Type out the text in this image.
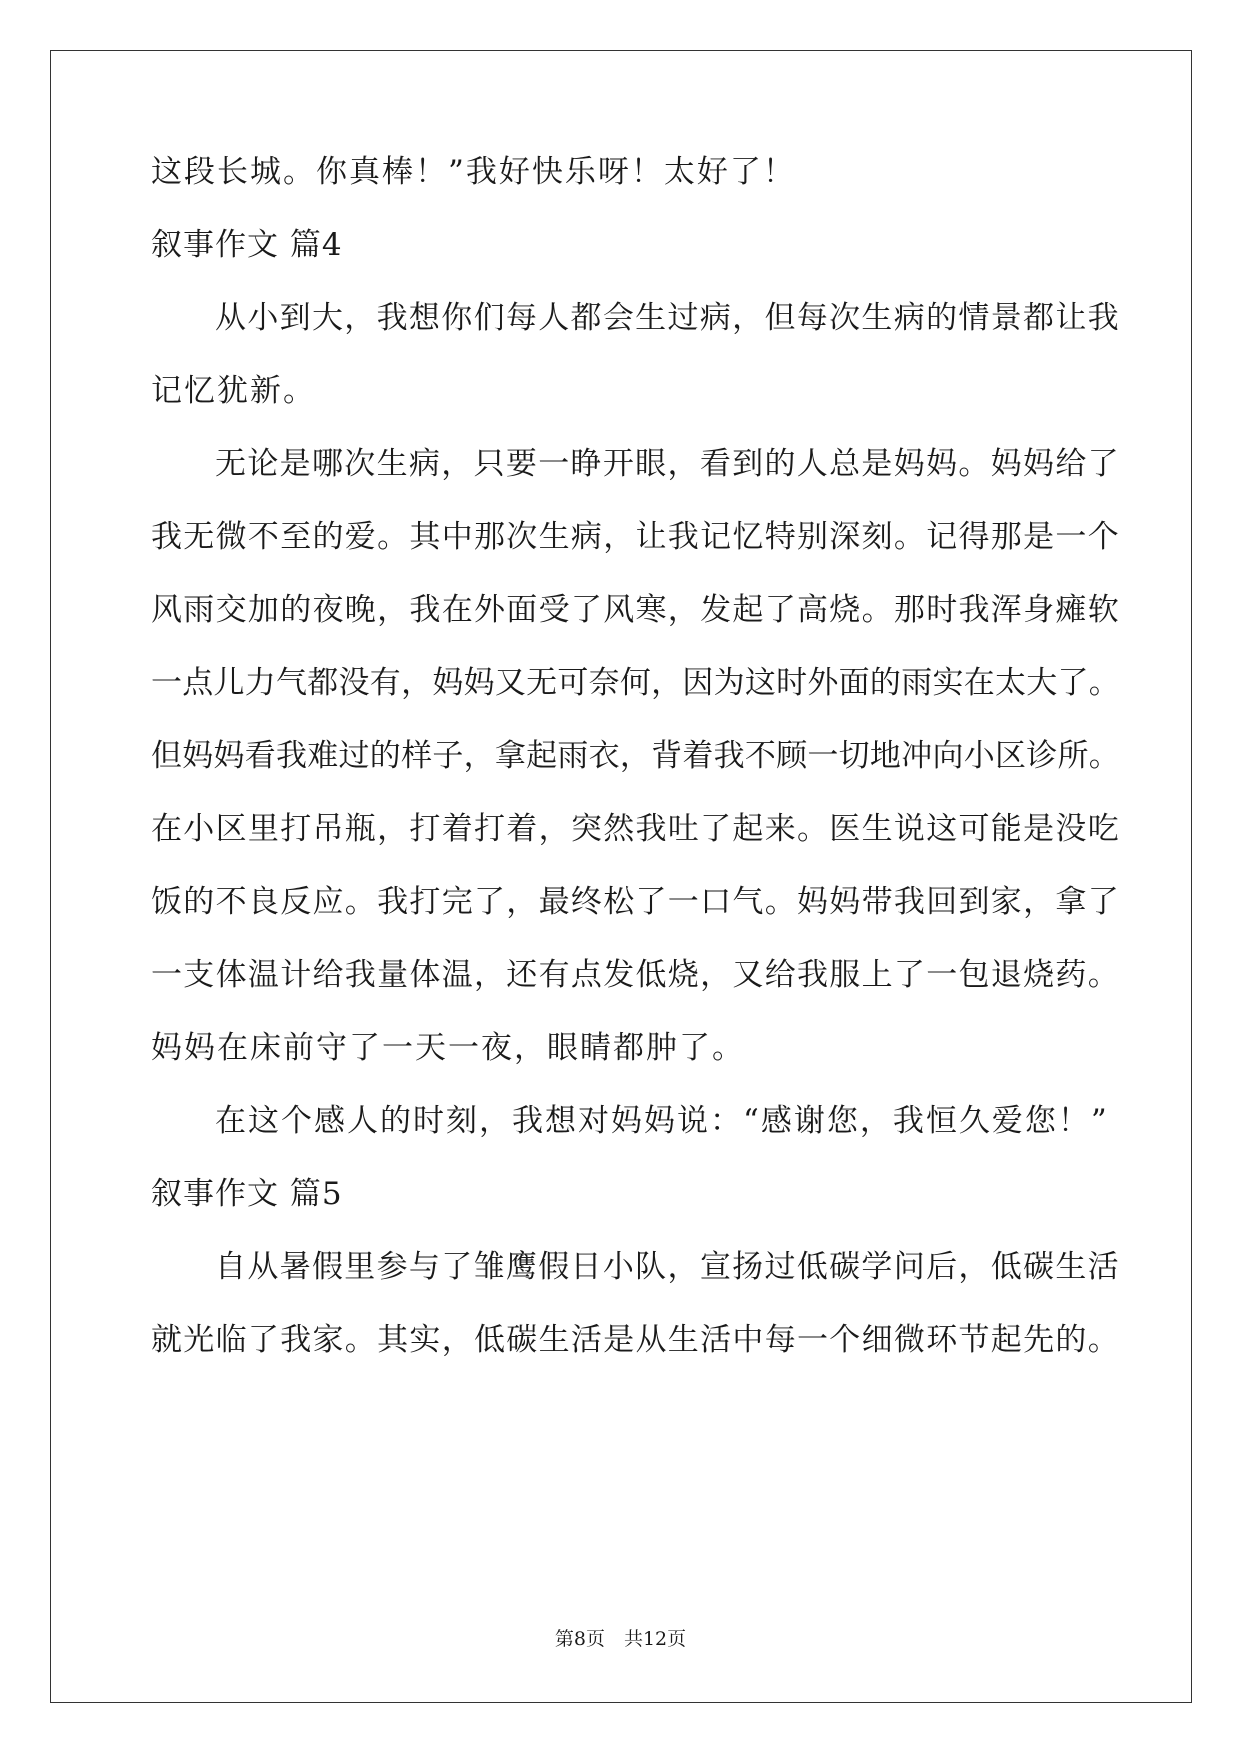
这段长城。你真棒！”我好快乐呀！太好了！
叙事作文 篇4
从小到大，我想你们每人都会生过病，但每次生病的情景都让我
记忆犹新。
无论是哪次生病，只要一睁开眼，看到的人总是妈妈。妈妈给了
我无微不至的爱。其中那次生病，让我记忆特别深刻。记得那是一个
风雨交加的夜晚，我在外面受了风寒，发起了高烧。那时我浑身瘫软
一点儿力气都没有，妈妈又无可奈何，因为这时外面的雨实在太大了。
但妈妈看我难过的样子，拿起雨衣，背着我不顾一切地冲向小区诊所。
在小区里打吊瓶，打着打着，突然我吐了起来。医生说这可能是没吃
饭的不良反应。我打完了，最终松了一口气。妈妈带我回到家，拿了
一支体温计给我量体温，还有点发低烧，又给我服上了一包退烧药。
妈妈在床前守了一天一夜，眼睛都肿了。
在这个感人的时刻，我想对妈妈说：“感谢您，我恒久爱您！”
叙事作文 篇5
自从暑假里参与了雏鹰假日小队，宣扬过低碳学问后，低碳生活
就光临了我家。其实，低碳生活是从生活中每一个细微环节起先的。
第8页　共12页
